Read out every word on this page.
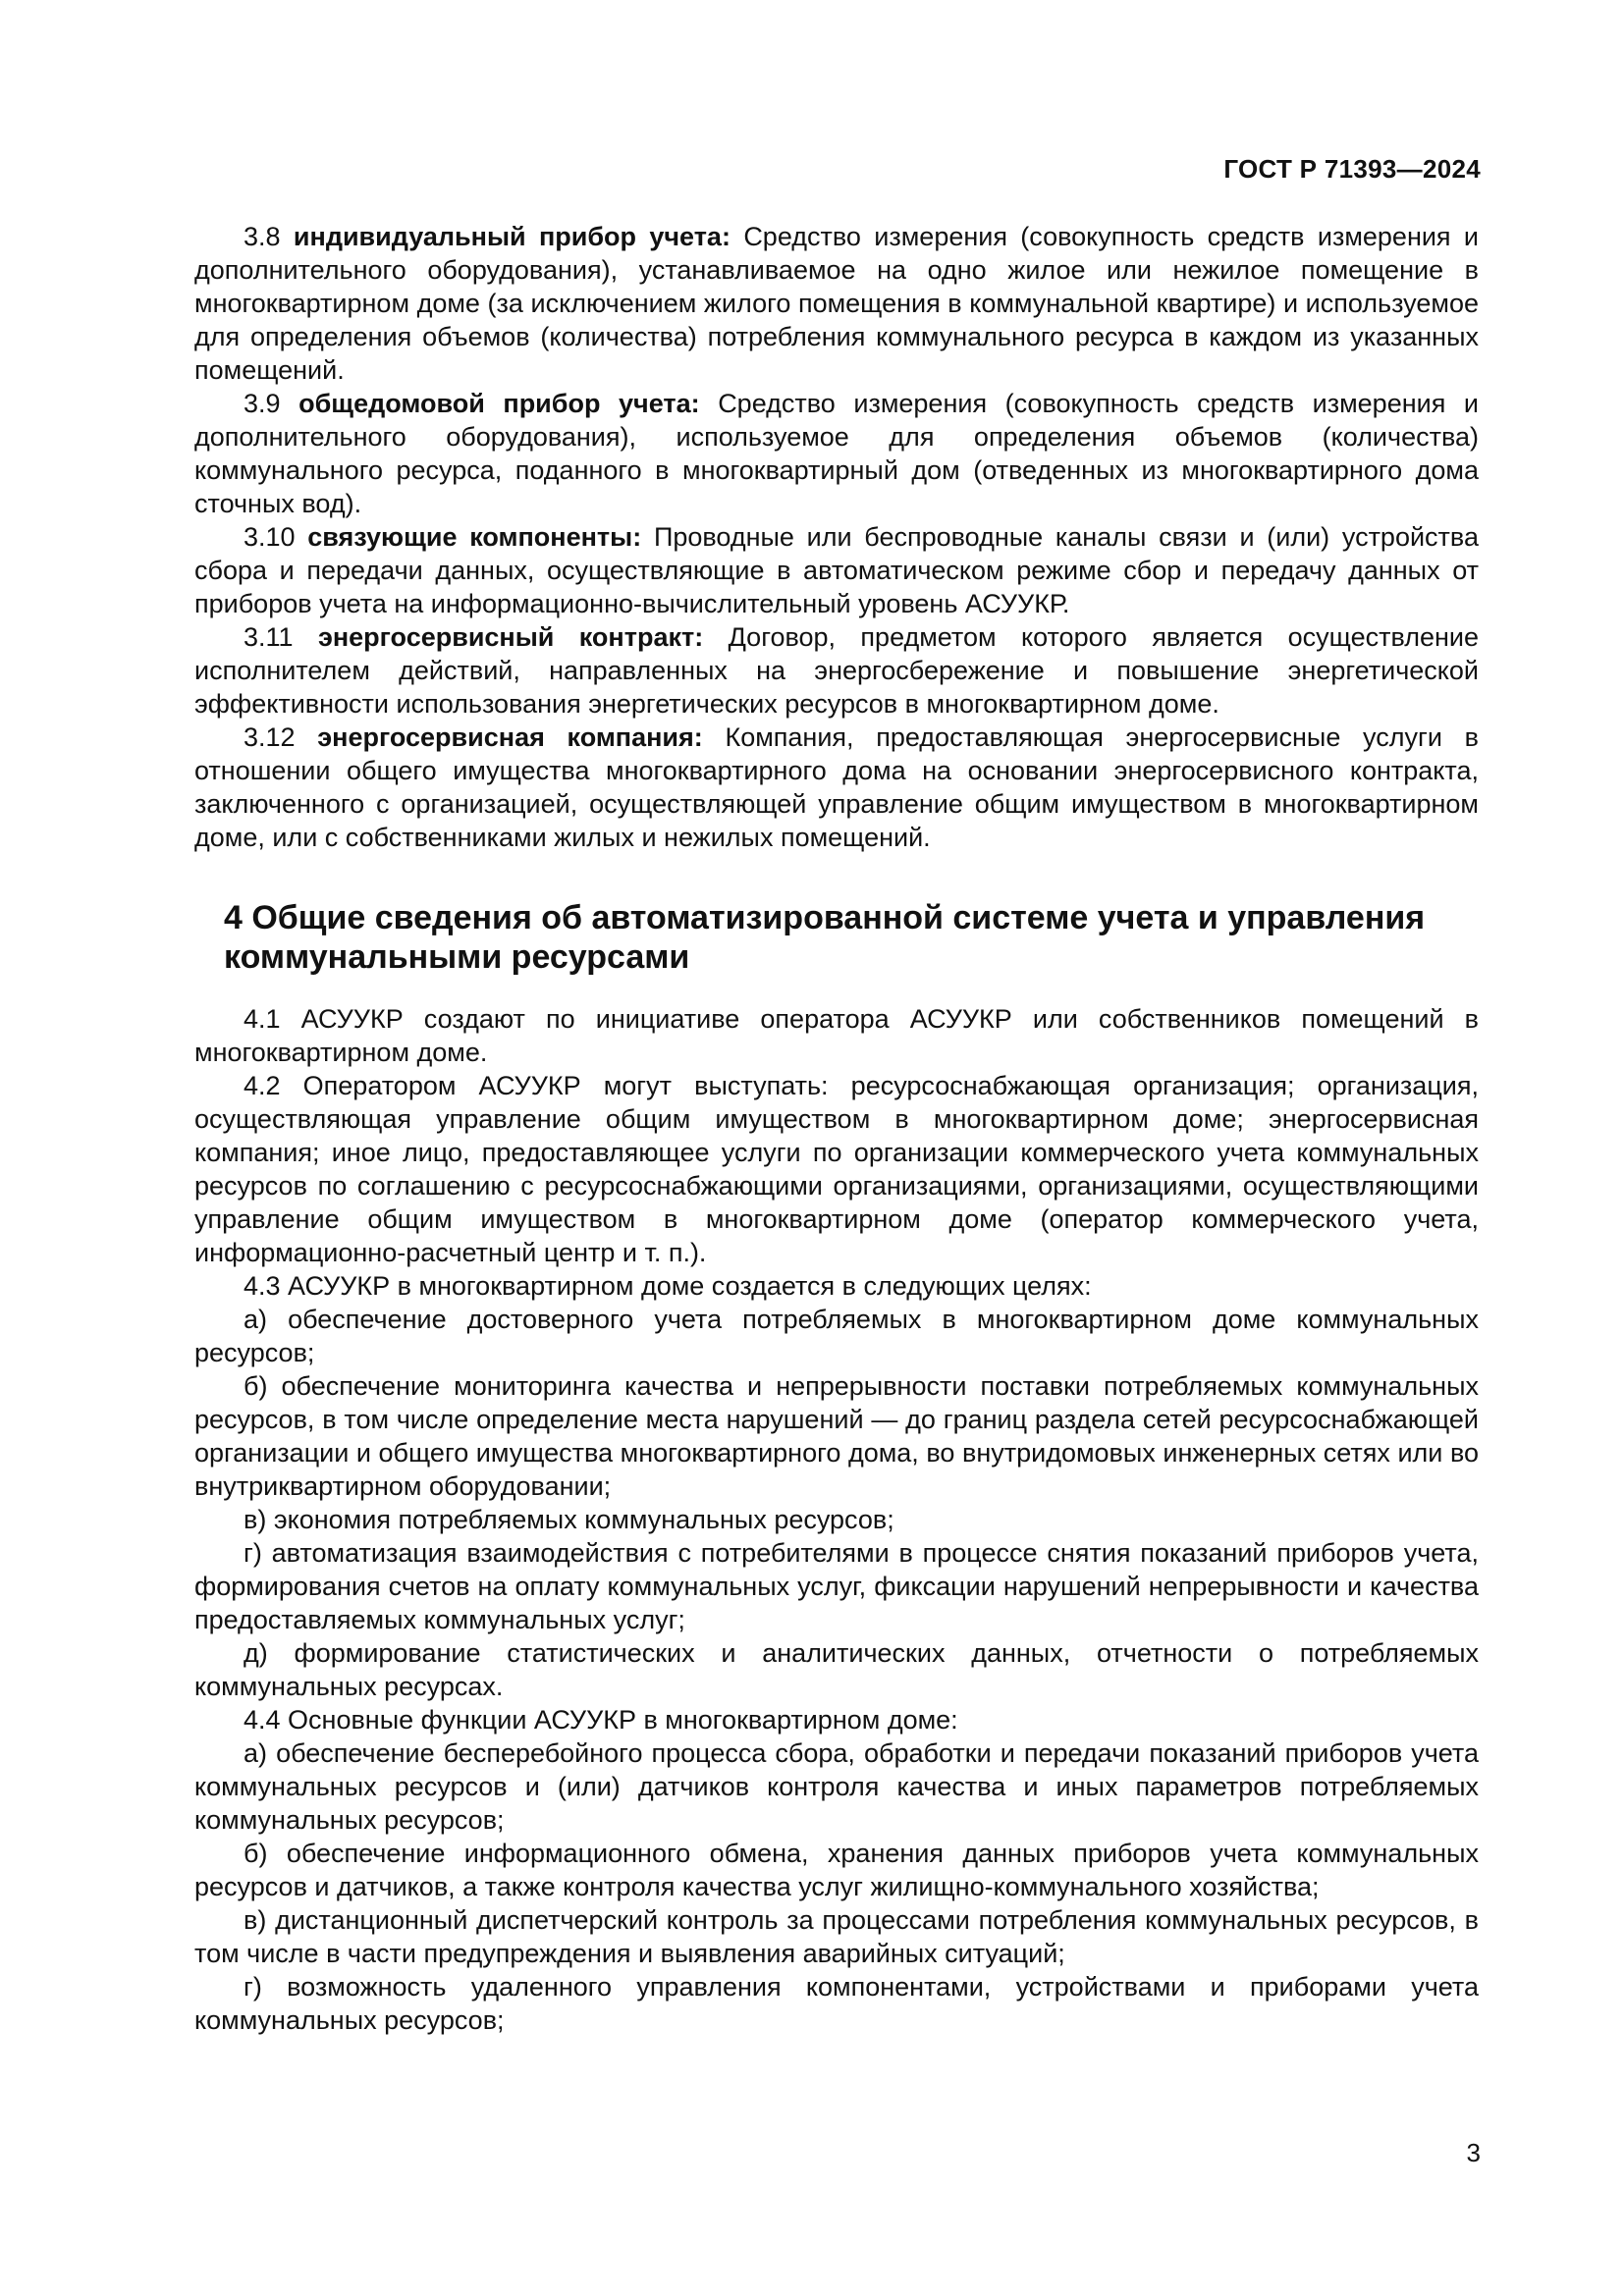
ГОСТ Р 71393—2024

3.8 индивидуальный прибор учета: Средство измерения (совокупность средств измерения и дополнительного оборудования), устанавливаемое на одно жилое или нежилое помещение в многоквартирном доме (за исключением жилого помещения в коммунальной квартире) и используемое для определения объемов (количества) потребления коммунального ресурса в каждом из указанных помещений.

3.9 общедомовой прибор учета: Средство измерения (совокупность средств измерения и дополнительного оборудования), используемое для определения объемов (количества) коммунального ресурса, поданного в многоквартирный дом (отведенных из многоквартирного дома сточных вод).

3.10 связующие компоненты: Проводные или беспроводные каналы связи и (или) устройства сбора и передачи данных, осуществляющие в автоматическом режиме сбор и передачу данных от приборов учета на информационно-вычислительный уровень АСУУКР.

3.11 энергосервисный контракт: Договор, предметом которого является осуществление исполнителем действий, направленных на энергосбережение и повышение энергетической эффективности использования энергетических ресурсов в многоквартирном доме.

3.12 энергосервисная компания: Компания, предоставляющая энергосервисные услуги в отношении общего имущества многоквартирного дома на основании энергосервисного контракта, заключенного с организацией, осуществляющей управление общим имуществом в многоквартирном доме, или с собственниками жилых и нежилых помещений.

4 Общие сведения об автоматизированной системе учета и управления коммунальными ресурсами

4.1 АСУУКР создают по инициативе оператора АСУУКР или собственников помещений в многоквартирном доме.

4.2 Оператором АСУУКР могут выступать: ресурсоснабжающая организация; организация, осуществляющая управление общим имуществом в многоквартирном доме; энергосервисная компания; иное лицо, предоставляющее услуги по организации коммерческого учета коммунальных ресурсов по соглашению с ресурсоснабжающими организациями, организациями, осуществляющими управление общим имуществом в многоквартирном доме (оператор коммерческого учета, информационно-расчетный центр и т. п.).

4.3 АСУУКР в многоквартирном доме создается в следующих целях:

а) обеспечение достоверного учета потребляемых в многоквартирном доме коммунальных ресурсов;

б) обеспечение мониторинга качества и непрерывности поставки потребляемых коммунальных ресурсов, в том числе определение места нарушений — до границ раздела сетей ресурсоснабжающей организации и общего имущества многоквартирного дома, во внутридомовых инженерных сетях или во внутриквартирном оборудовании;

в) экономия потребляемых коммунальных ресурсов;

г) автоматизация взаимодействия с потребителями в процессе снятия показаний приборов учета, формирования счетов на оплату коммунальных услуг, фиксации нарушений непрерывности и качества предоставляемых коммунальных услуг;

д) формирование статистических и аналитических данных, отчетности о потребляемых коммунальных ресурсах.

4.4 Основные функции АСУУКР в многоквартирном доме:

а) обеспечение бесперебойного процесса сбора, обработки и передачи показаний приборов учета коммунальных ресурсов и (или) датчиков контроля качества и иных параметров потребляемых коммунальных ресурсов;

б) обеспечение информационного обмена, хранения данных приборов учета коммунальных ресурсов и датчиков, а также контроля качества услуг жилищно-коммунального хозяйства;

в) дистанционный диспетчерский контроль за процессами потребления коммунальных ресурсов, в том числе в части предупреждения и выявления аварийных ситуаций;

г) возможность удаленного управления компонентами, устройствами и приборами учета коммунальных ресурсов;

3
